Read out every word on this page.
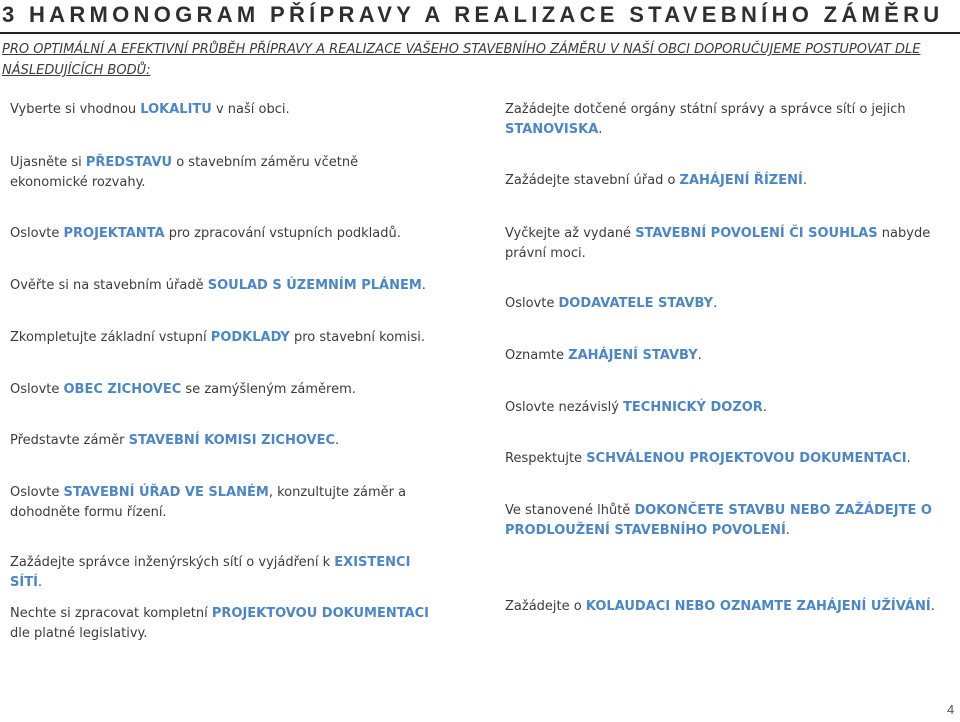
3 HARMONOGRAM PŘÍPRAVY A REALIZACE STAVEBNÍHO ZÁMĚRU
PRO OPTIMÁLNÍ A EFEKTIVNÍ PRŮBĚH PŘÍPRAVY A REALIZACE VAŠEHO STAVEBNÍHO ZÁMĚRU V NAŠÍ OBCI DOPORUČUJEME POSTUPOVAT DLE NÁSLEDUJÍCÍCH BODŮ:
Vyberte si vhodnou LOKALITU v naší obci.
Ujasněte si PŘEDSTAVU o stavebním záměru včetně ekonomické rozvahy.
Oslovte PROJEKTANTA pro zpracování vstupních podkladů.
Ověřte si na stavebním úřadě SOULAD S ÚZEMNÍM PLÁNEM.
Zkompletujte základní vstupní PODKLADY pro stavební komisi.
Oslovte OBEC ZICHOVEC se zamýšleným záměrem.
Představte záměr STAVEBNÍ KOMISI ZICHOVEC.
Oslovte STAVEBNÍ ÚŘAD VE SLANÉM, konzultujte záměr a dohodněte formu řízení.
Zažádejte správce inženýrských sítí o vyjádření k EXISTENCI SÍTÍ.
Nechte si zpracovat kompletní PROJEKTOVOU DOKUMENTACI dle platné legislativy.
Zažádejte dotčené orgány státní správy a správce sítí o jejich STANOVISKA.
Zažádejte stavební úřad o ZAHÁJENÍ ŘÍZENÍ.
Vyčkejte až vydané STAVEBNÍ POVOLENÍ ČI SOUHLAS nabyde právní moci.
Oslovte DODAVATELE STAVBY.
Oznamte ZAHÁJENÍ STAVBY.
Oslovte nezávislý TECHNICKÝ DOZOR.
Respektujte SCHVÁLENOU PROJEKTOVOU DOKUMENTACI.
Ve stanovené lhůtě DOKONČETE STAVBU NEBO ZAŽÁDEJTE O PRODLOUŽENÍ STAVEBNÍHO POVOLENÍ.
Zažádejte o KOLAUDACI NEBO OZNAMTE ZAHÁJENÍ UŽÍVÁNÍ.
4
